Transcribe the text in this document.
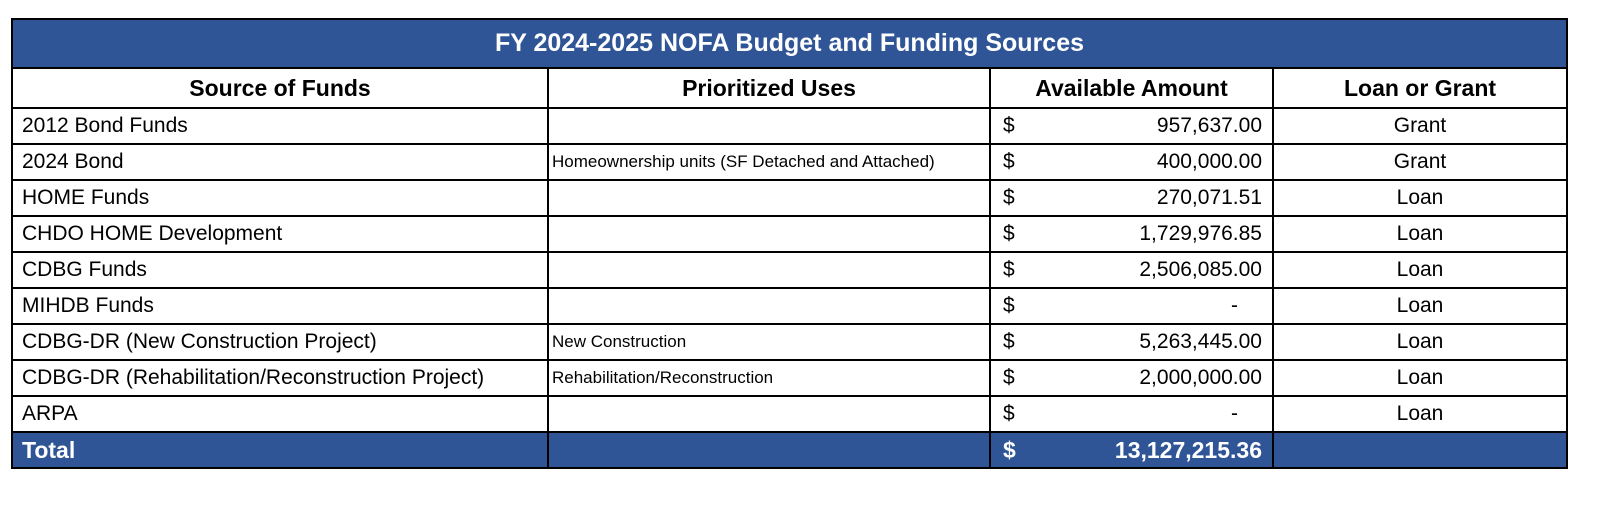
FY 2024-2025 NOFA Budget and Funding Sources			
Source of Funds	Prioritized Uses	Available Amount	Loan or Grant
2012 Bond Funds		$ 957,637.00	Grant
2024 Bond	Homeownership units (SF Detached and Attached)	$ 400,000.00	Grant
HOME Funds		$ 270,071.51	Loan
CHDO HOME Development		$ 1,729,976.85	Loan
CDBG Funds		$ 2,506,085.00	Loan
MIHDB Funds		$ -	Loan
CDBG-DR (New Construction Project)	New Construction	$ 5,263,445.00	Loan
CDBG-DR (Rehabilitation/Reconstruction Project)	Rehabilitation/Reconstruction	$ 2,000,000.00	Loan
ARPA		$ -	Loan
Total		$ 13,127,215.36	
